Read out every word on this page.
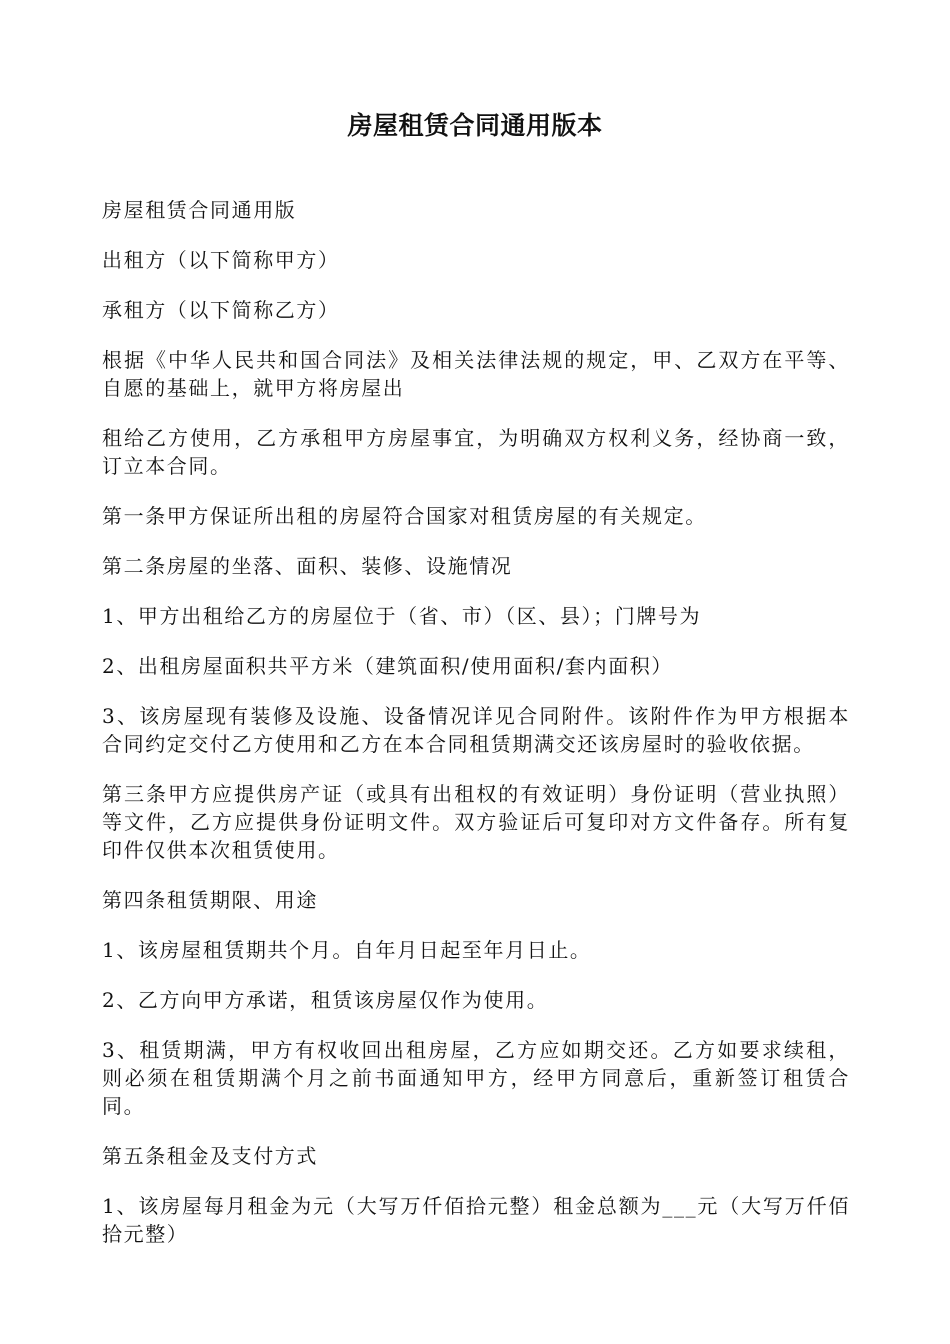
房屋租赁合同通用版本

房屋租赁合同通用版

出租方（以下简称甲方）

承租方（以下简称乙方）

根据《中华人民共和国合同法》及相关法律法规的规定，甲、乙双方在平等、自愿的基础上，就甲方将房屋出

租给乙方使用，乙方承租甲方房屋事宜，为明确双方权利义务，经协商一致，订立本合同。

第一条甲方保证所出租的房屋符合国家对租赁房屋的有关规定。

第二条房屋的坐落、面积、装修、设施情况

1、甲方出租给乙方的房屋位于（省、市）（区、县）；门牌号为

2、出租房屋面积共平方米（建筑面积/使用面积/套内面积）

3、该房屋现有装修及设施、设备情况详见合同附件。该附件作为甲方根据本合同约定交付乙方使用和乙方在本合同租赁期满交还该房屋时的验收依据。

第三条甲方应提供房产证（或具有出租权的有效证明）身份证明（营业执照）等文件，乙方应提供身份证明文件。双方验证后可复印对方文件备存。所有复印件仅供本次租赁使用。

第四条租赁期限、用途

1、该房屋租赁期共个月。自年月日起至年月日止。

2、乙方向甲方承诺，租赁该房屋仅作为使用。

3、租赁期满，甲方有权收回出租房屋，乙方应如期交还。乙方如要求续租，则必须在租赁期满个月之前书面通知甲方，经甲方同意后，重新签订租赁合同。

第五条租金及支付方式

1、该房屋每月租金为元（大写万仟佰拾元整）租金总额为___元（大写万仟佰拾元整）
